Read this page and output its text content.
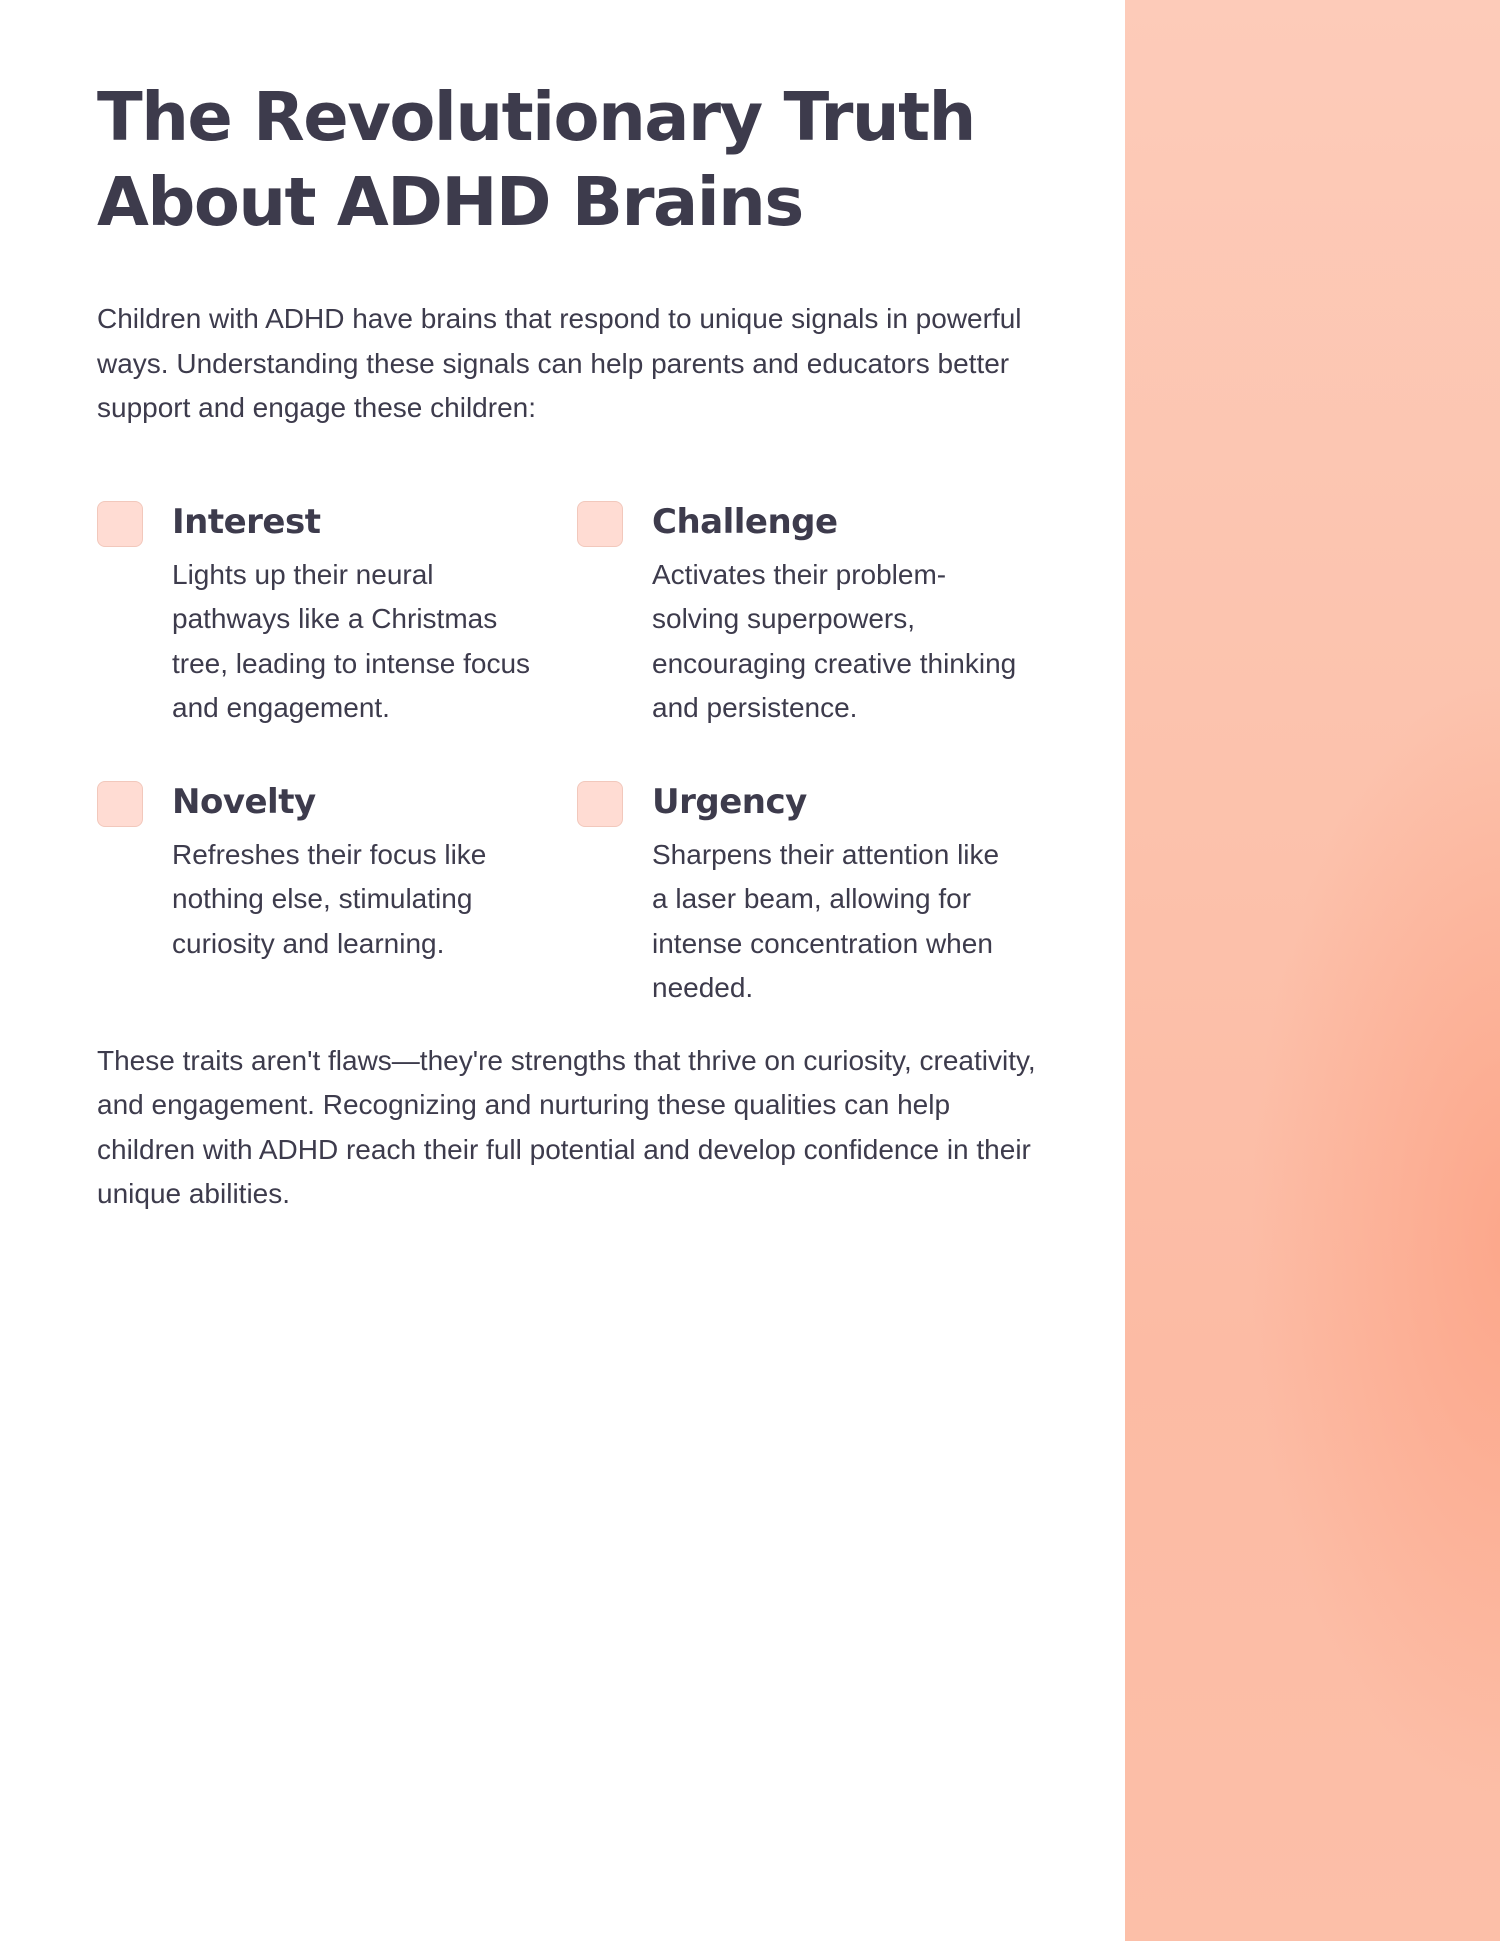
The Revolutionary Truth About ADHD Brains

Children with ADHD have brains that respond to unique signals in powerful ways. Understanding these signals can help parents and educators better support and engage these children:

Interest

Lights up their neural pathways like a Christmas tree, leading to intense focus and engagement.

Challenge

Activates their problem-solving superpowers, encouraging creative thinking and persistence.

Novelty

Refreshes their focus like nothing else, stimulating curiosity and learning.

Urgency

Sharpens their attention like a laser beam, allowing for intense concentration when needed.

These traits aren't flaws—they're strengths that thrive on curiosity, creativity, and engagement. Recognizing and nurturing these qualities can help children with ADHD reach their full potential and develop confidence in their unique abilities.
